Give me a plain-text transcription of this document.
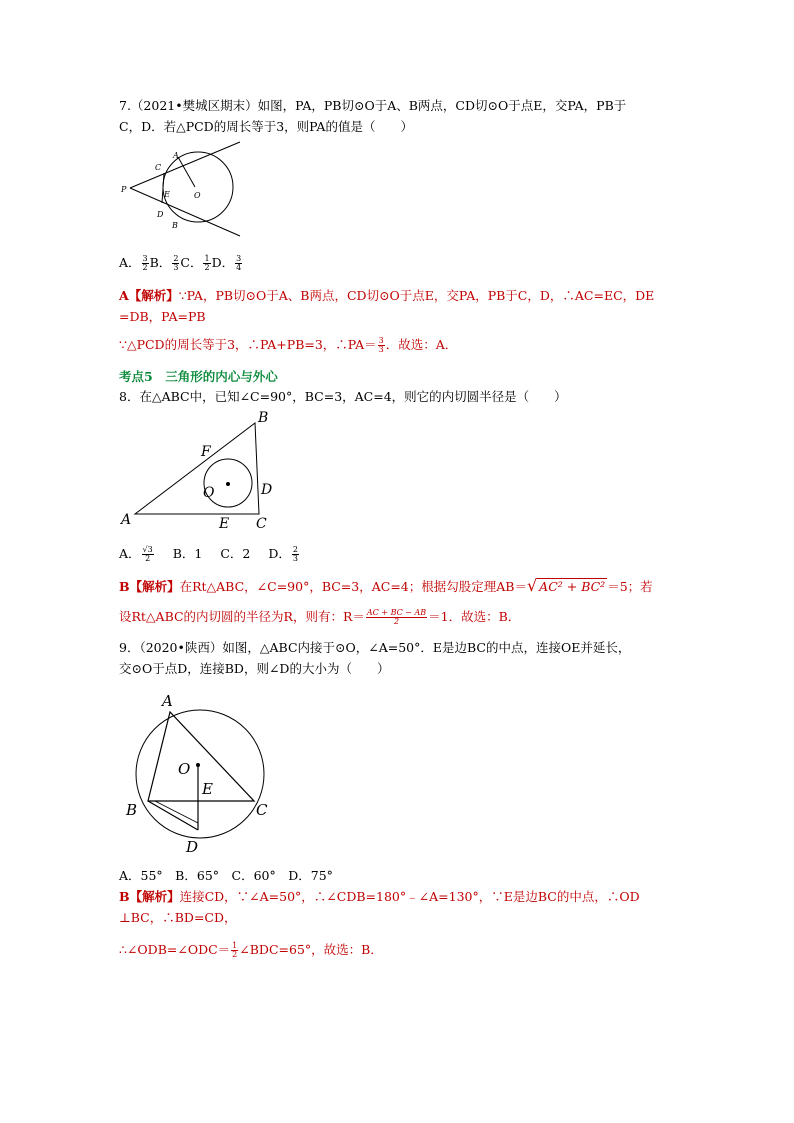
7.（2021•樊城区期末）如图，PA，PB切⊙O于A、B两点，CD切⊙O于点E，交PA，PB于
C，D．若△PCD的周长等于3，则PA的值是（　　）
A
C
P
E	O
D
B
A． $\frac{3}{2}$ B． $\frac{2}{3}$ C． $\frac{1}{2}$ D． $\frac{3}{4}$
A【解析】∵PA，PB切⊙O于A、B两点，CD切⊙O于点E，交PA，PB于C，D，∴AC=EC，DE
=DB，PA=PB
∵△PCD的周长等于3，∴PA+PB=3，∴PA＝ $\frac{3}{3}$ ．故选：A．
考点5　三角形的内心与外心
8．在△ABC中，已知∠C=90°，BC=3，AC=4，则它的内切圆半径是（　　）
B
F
O	D
A	E C
A． $\frac{√3}{2}$ B．1 C．2 D． $\frac{2}{3}$
B【解析】在Rt△ABC，∠C=90°，BC=3，AC=4；根据勾股定理AB＝√ AC² + BC² ＝5；若
设Rt△ABC的内切圆的半径为R，则有：$R= \frac{AC + BC - AB}{2} =1$．故选：B．
9．（2020•陕西）如图，△ABC内接于⊙O，∠A=50°．E是边BC的中点，连接OE并延长，
交⊙O于点D，连接BD，则∠D的大小为（　　）
A
O
E
B	C
D
A．55°　B．65°　C．60°　D．75°
B【解析】连接CD，∵∠A=50°，∴∠CDB=180°﹣∠A=130°，∵E是边BC的中点，∴OD
⊥BC，∴BD=CD，
∴∠ODB=∠ODC＝ $\frac{1}{2}$ ∠BDC=65°，故选：B．
